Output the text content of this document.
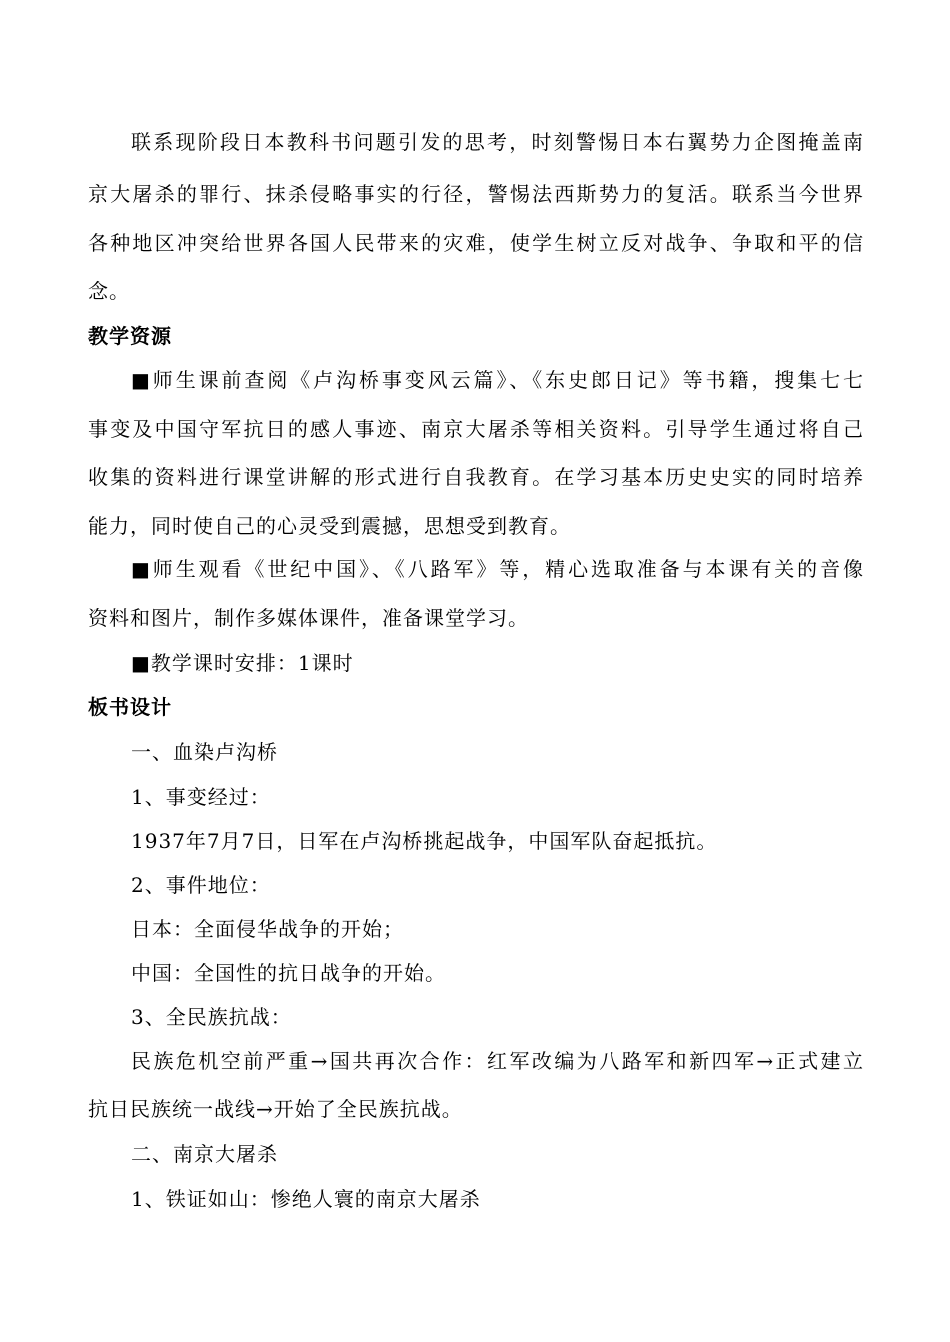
联系现阶段日本教科书问题引发的思考，时刻警惕日本右翼势力企图掩盖南
京大屠杀的罪行、抹杀侵略事实的行径，警惕法西斯势力的复活。联系当今世界
各种地区冲突给世界各国人民带来的灾难，使学生树立反对战争、争取和平的信
念。
教学资源
■师生课前查阅《卢沟桥事变风云篇》、《东史郎日记》等书籍，搜集七七
事变及中国守军抗日的感人事迹、南京大屠杀等相关资料。引导学生通过将自己
收集的资料进行课堂讲解的形式进行自我教育。在学习基本历史史实的同时培养
能力，同时使自己的心灵受到震撼，思想受到教育。
■师生观看《世纪中国》、《八路军》等，精心选取准备与本课有关的音像
资料和图片，制作多媒体课件，准备课堂学习。
■教学课时安排：1课时
板书设计
一、血染卢沟桥
1、事变经过：
1937年7月7日，日军在卢沟桥挑起战争，中国军队奋起抵抗。
2、事件地位：
日本：全面侵华战争的开始；
中国：全国性的抗日战争的开始。
3、全民族抗战：
民族危机空前严重→国共再次合作：红军改编为八路军和新四军→正式建立
抗日民族统一战线→开始了全民族抗战。
二、南京大屠杀
1、铁证如山：惨绝人寰的南京大屠杀
